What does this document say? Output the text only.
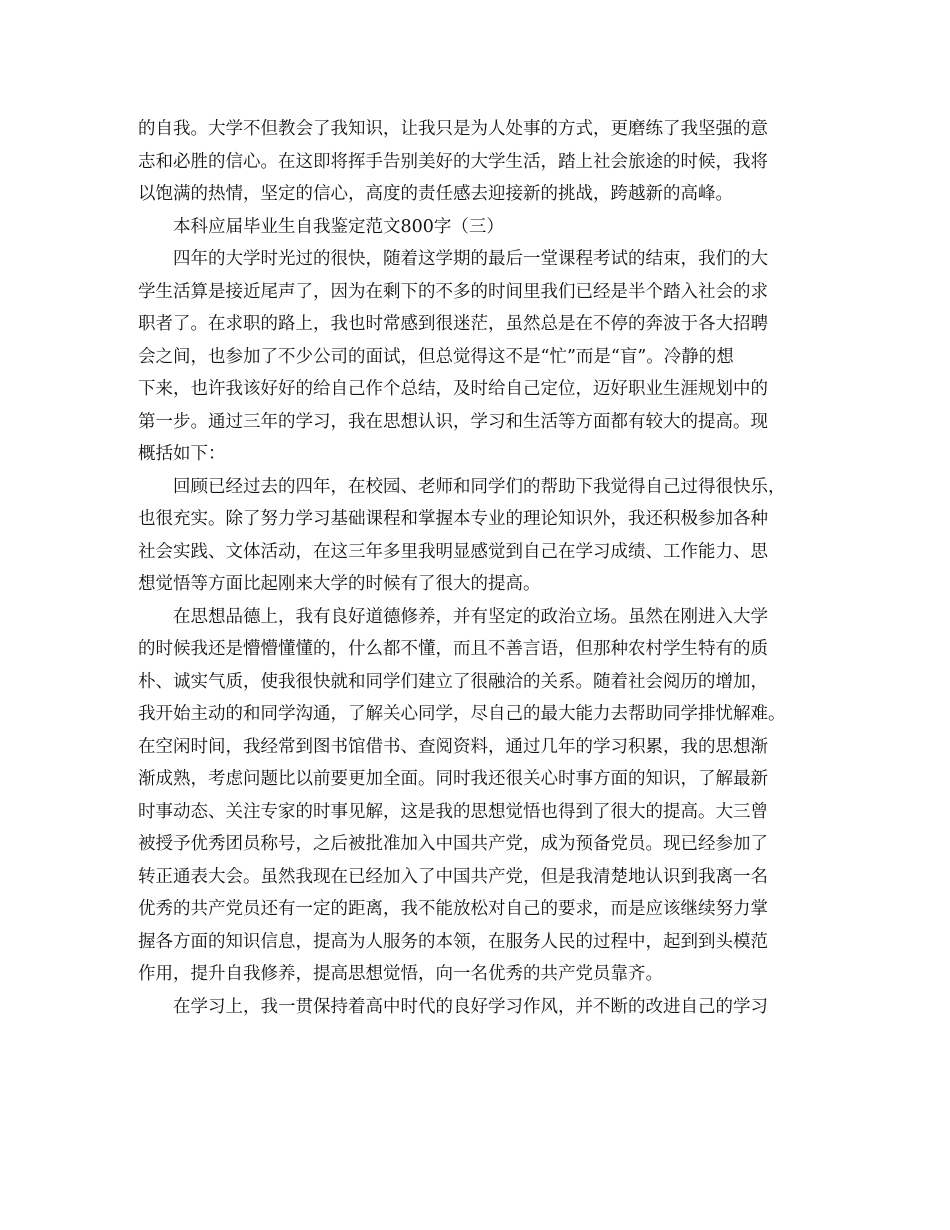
的自我。大学不但教会了我知识，让我只是为人处事的方式，更磨练了我坚强的意
志和必胜的信心。在这即将挥手告别美好的大学生活，踏上社会旅途的时候，我将
以饱满的热情，坚定的信心，高度的责任感去迎接新的挑战，跨越新的高峰。
本科应届毕业生自我鉴定范文800字（三）
四年的大学时光过的很快，随着这学期的最后一堂课程考试的结束，我们的大
学生活算是接近尾声了，因为在剩下的不多的时间里我们已经是半个踏入社会的求
职者了。在求职的路上，我也时常感到很迷茫，虽然总是在不停的奔波于各大招聘
会之间，也参加了不少公司的面试，但总觉得这不是“忙”而是“盲”。冷静的想
下来，也许我该好好的给自己作个总结，及时给自己定位，迈好职业生涯规划中的
第一步。通过三年的学习，我在思想认识，学习和生活等方面都有较大的提高。现
概括如下：
回顾已经过去的四年，在校园、老师和同学们的帮助下我觉得自己过得很快乐，
也很充实。除了努力学习基础课程和掌握本专业的理论知识外，我还积极参加各种
社会实践、文体活动，在这三年多里我明显感觉到自己在学习成绩、工作能力、思
想觉悟等方面比起刚来大学的时候有了很大的提高。
在思想品德上，我有良好道德修养，并有坚定的政治立场。虽然在刚进入大学
的时候我还是懵懵懂懂的，什么都不懂，而且不善言语，但那种农村学生特有的质
朴、诚实气质，使我很快就和同学们建立了很融洽的关系。随着社会阅历的增加，
我开始主动的和同学沟通，了解关心同学，尽自己的最大能力去帮助同学排忧解难。
在空闲时间，我经常到图书馆借书、查阅资料，通过几年的学习积累，我的思想渐
渐成熟，考虑问题比以前要更加全面。同时我还很关心时事方面的知识，了解最新
时事动态、关注专家的时事见解，这是我的思想觉悟也得到了很大的提高。大三曾
被授予优秀团员称号，之后被批准加入中国共产党，成为预备党员。现已经参加了
转正通表大会。虽然我现在已经加入了中国共产党，但是我清楚地认识到我离一名
优秀的共产党员还有一定的距离，我不能放松对自己的要求，而是应该继续努力掌
握各方面的知识信息，提高为人服务的本领，在服务人民的过程中，起到到头模范
作用，提升自我修养，提高思想觉悟，向一名优秀的共产党员靠齐。
在学习上，我一贯保持着高中时代的良好学习作风，并不断的改进自己的学习
